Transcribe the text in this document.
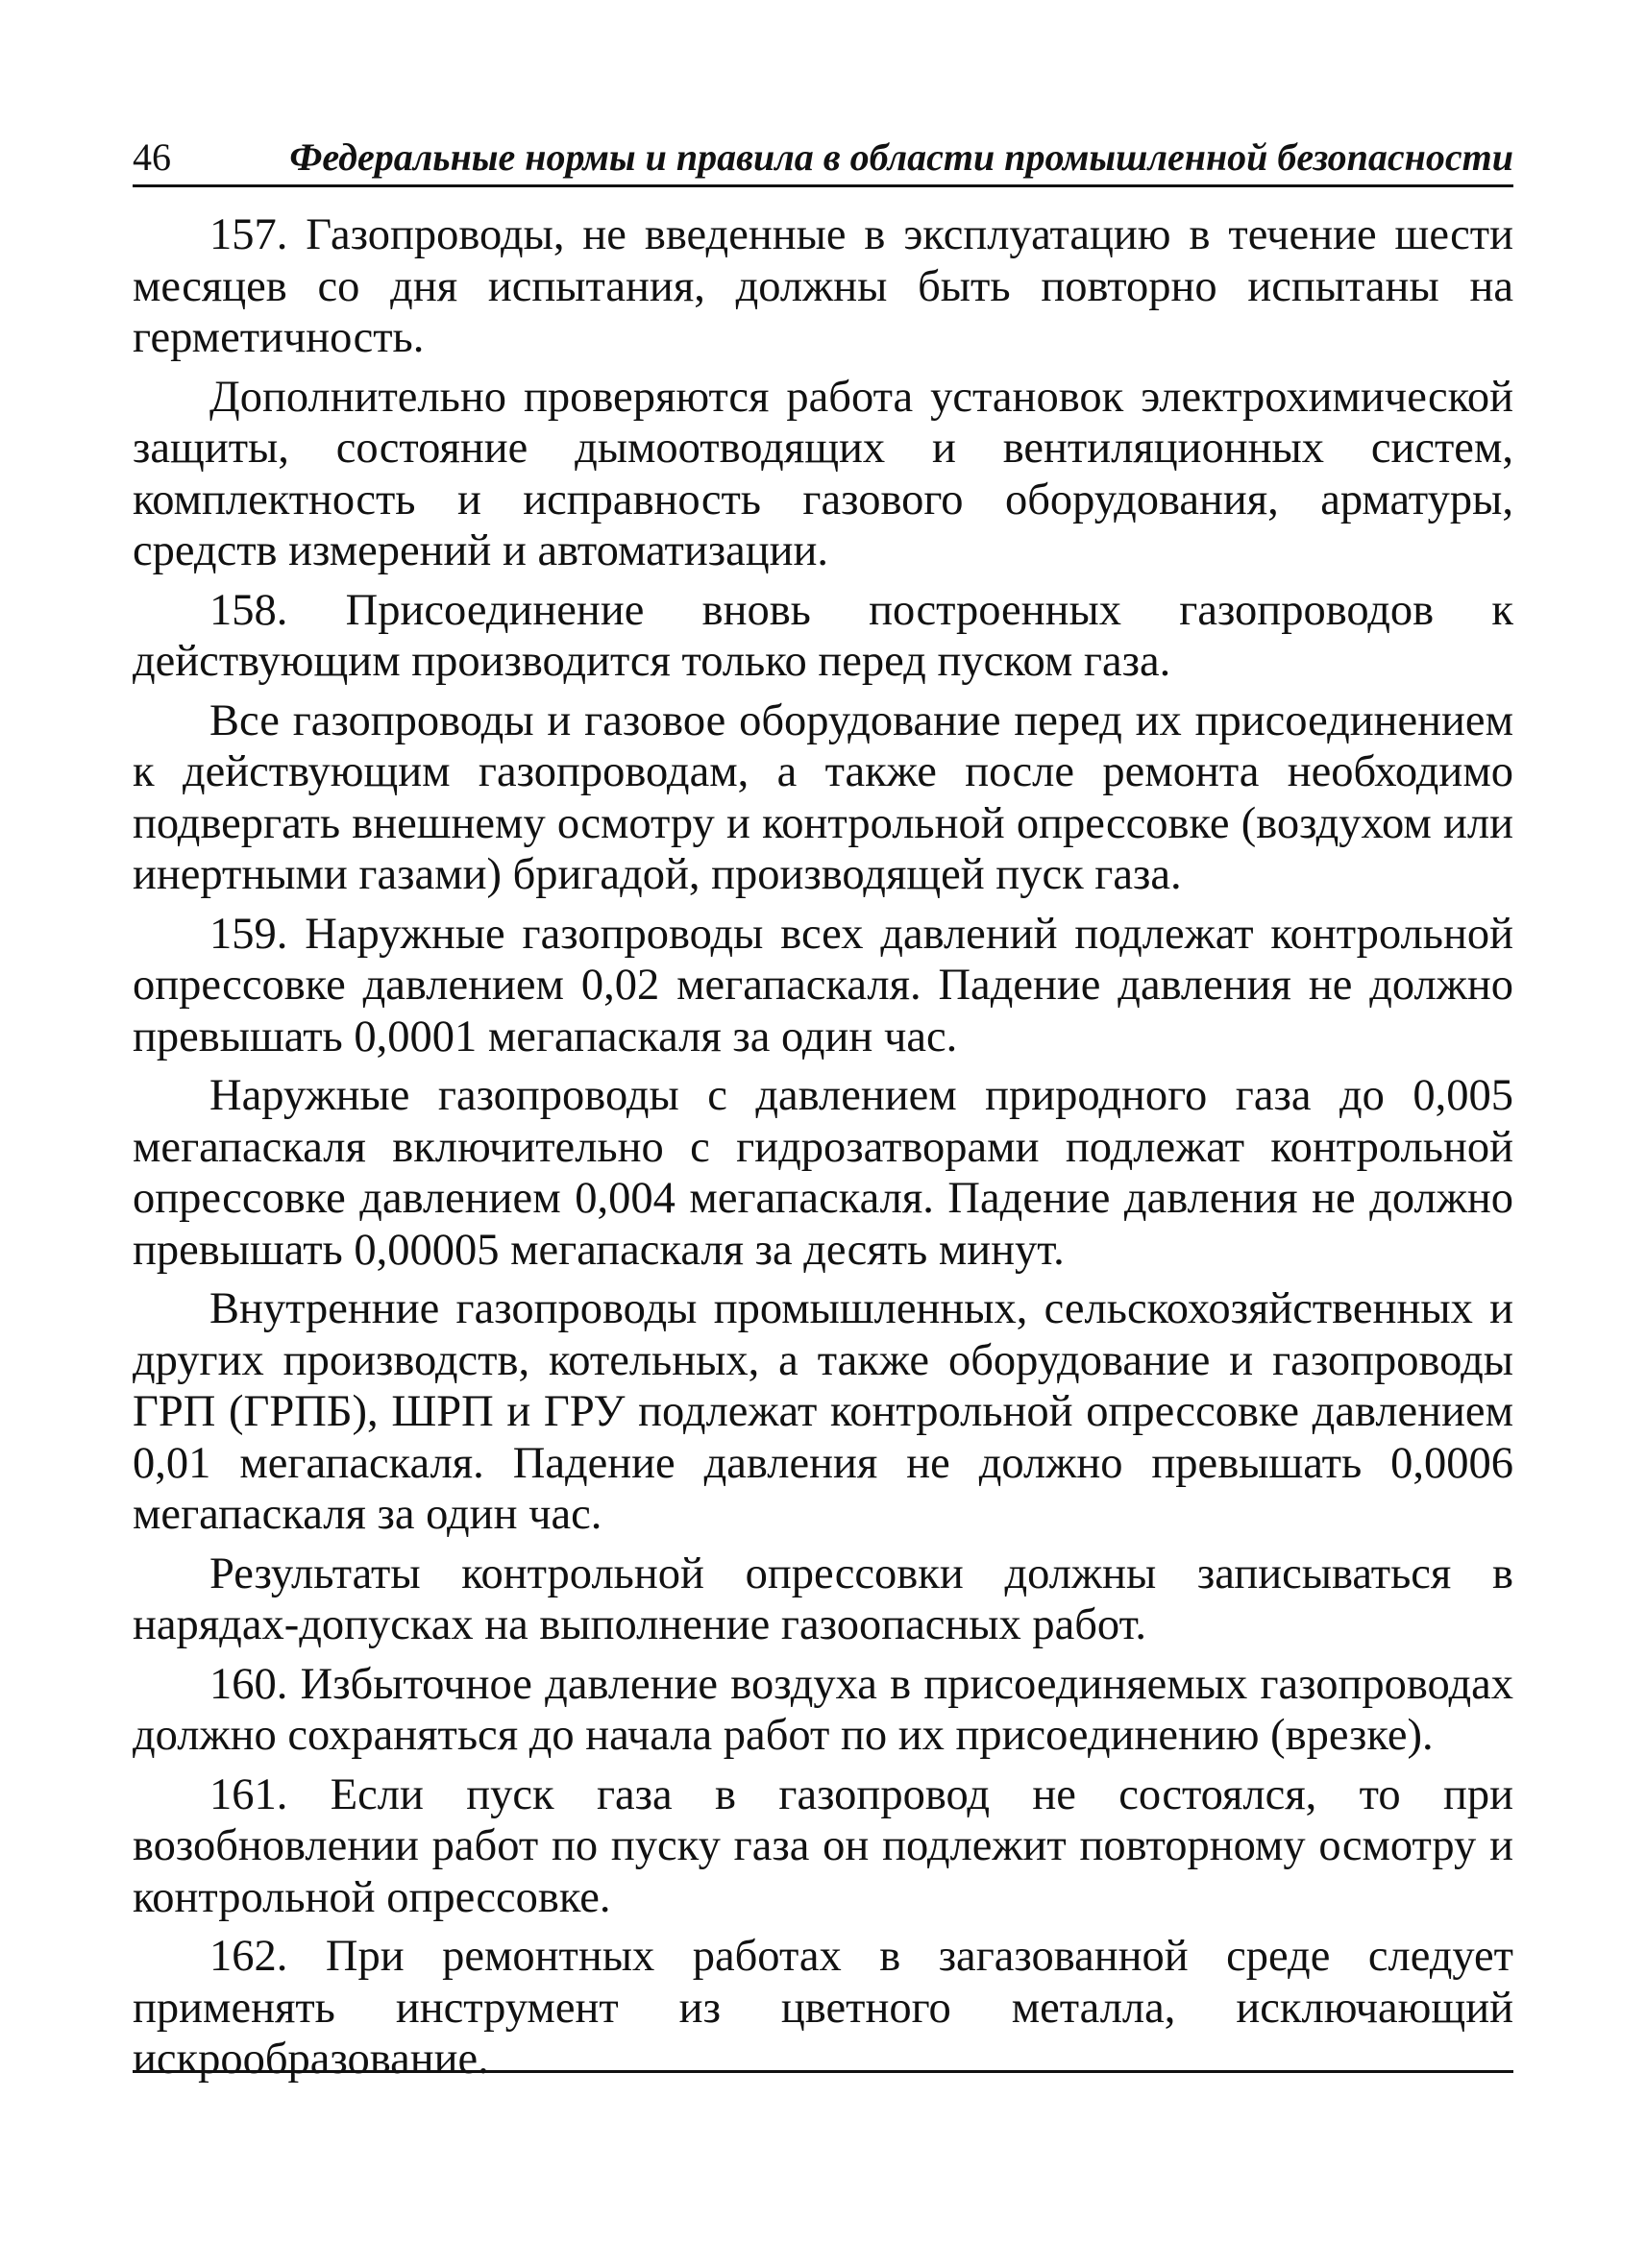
46	Федеральные нормы и правила в области промышленной безопасности

157. Газопроводы, не введенные в эксплуатацию в течение шести месяцев со дня испытания, должны быть повторно испытаны на герметичность.

Дополнительно проверяются работа установок электрохимической защиты, состояние дымоотводящих и вентиляционных систем, комплектность и исправность газового оборудования, арматуры, средств измерений и автоматизации.

158. Присоединение вновь построенных газопроводов к действующим производится только перед пуском газа.

Все газопроводы и газовое оборудование перед их присоединением к действующим газопроводам, а также после ремонта необходимо подвергать внешнему осмотру и контрольной опрессовке (воздухом или инертными газами) бригадой, производящей пуск газа.

159. Наружные газопроводы всех давлений подлежат контрольной опрессовке давлением 0,02 мегапаскаля. Падение давления не должно превышать 0,0001 мегапаскаля за один час.

Наружные газопроводы с давлением природного газа до 0,005 мегапаскаля включительно с гидрозатворами подлежат контрольной опрессовке давлением 0,004 мегапаскаля. Падение давления не должно превышать 0,00005 мегапаскаля за десять минут.

Внутренние газопроводы промышленных, сельскохозяйственных и других производств, котельных, а также оборудование и газопроводы ГРП (ГРПБ), ШРП и ГРУ подлежат контрольной опрессовке давлением 0,01 мегапаскаля. Падение давления не должно превышать 0,0006 мегапаскаля за один час.

Результаты контрольной опрессовки должны записываться в нарядах-допусках на выполнение газоопасных работ.

160. Избыточное давление воздуха в присоединяемых газопроводах должно сохраняться до начала работ по их присоединению (врезке).

161. Если пуск газа в газопровод не состоялся, то при возобновлении работ по пуску газа он подлежит повторному осмотру и контрольной опрессовке.

162. При ремонтных работах в загазованной среде следует применять инструмент из цветного металла, исключающий искрообразование.
